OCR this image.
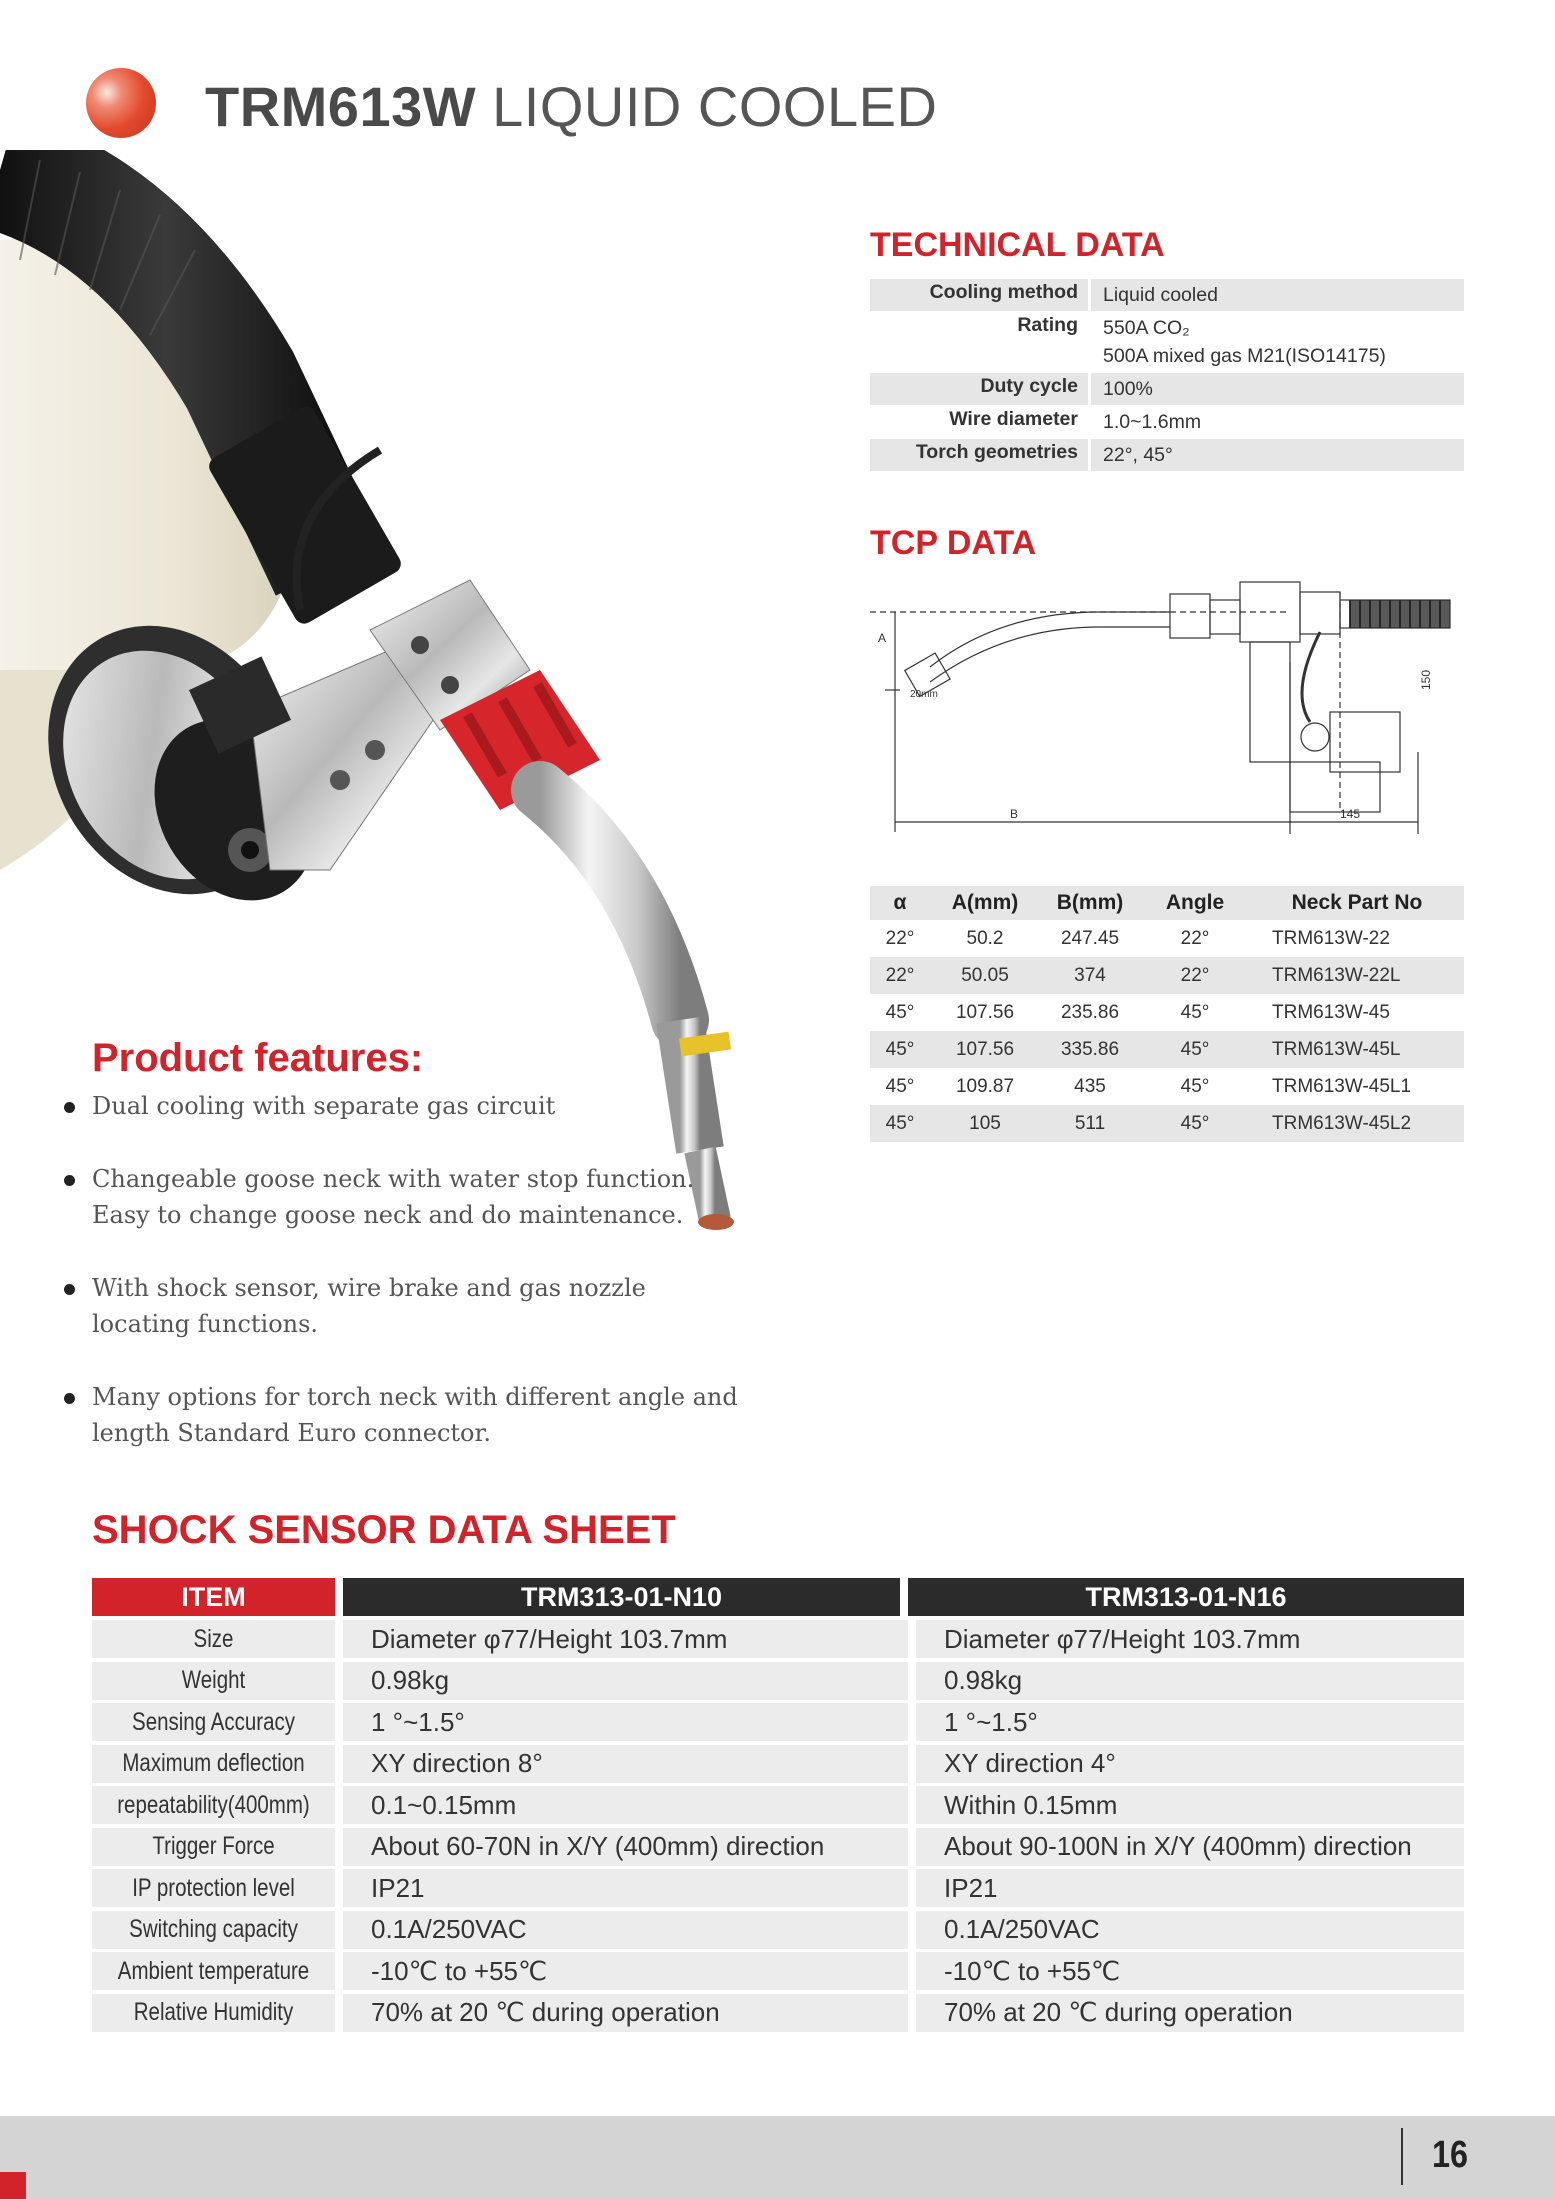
TRM613W LIQUID COOLED
TECHNICAL DATA
Cooling method	Liquid cooled
Rating	550A CO₂
500A mixed gas M21(ISO14175)
Duty cycle	100%
Wire diameter	1.0~1.6mm
Torch geometries	22°, 45°
TCP DATA
A
20mm
B	145
150
α	A(mm)	B(mm)	Angle	Neck Part No
22°	50.2	247.45	22°	TRM613W-22
22°	50.05	374	22°	TRM613W-22L
45°	107.56	235.86	45°	TRM613W-45
45°	107.56	335.86	45°	TRM613W-45L
45°	109.87	435	45°	TRM613W-45L1
45°	105	511	45°	TRM613W-45L2
Product features:
Dual cooling with separate gas circuit
Changeable goose neck with water stop function. Easy to change goose neck and do maintenance.
With shock sensor, wire brake and gas nozzle locating functions.
Many options for torch neck with different angle and length Standard Euro connector.
SHOCK SENSOR DATA SHEET
ITEM	TRM313-01-N10	TRM313-01-N16
Size	Diameter φ77/Height 103.7mm	Diameter φ77/Height 103.7mm
Weight	0.98kg	0.98kg
Sensing Accuracy	1 °~1.5°	1 °~1.5°
Maximum deflection	XY direction 8°	XY direction 4°
repeatability(400mm)	0.1~0.15mm	Within 0.15mm
Trigger Force	About 60-70N in X/Y (400mm) direction	About 90-100N in X/Y (400mm) direction
IP protection level	IP21	IP21
Switching capacity	0.1A/250VAC	0.1A/250VAC
Ambient temperature	-10℃ to +55℃	-10℃ to +55℃
Relative Humidity	70% at 20 ℃ during operation	70% at 20 ℃ during operation
16
